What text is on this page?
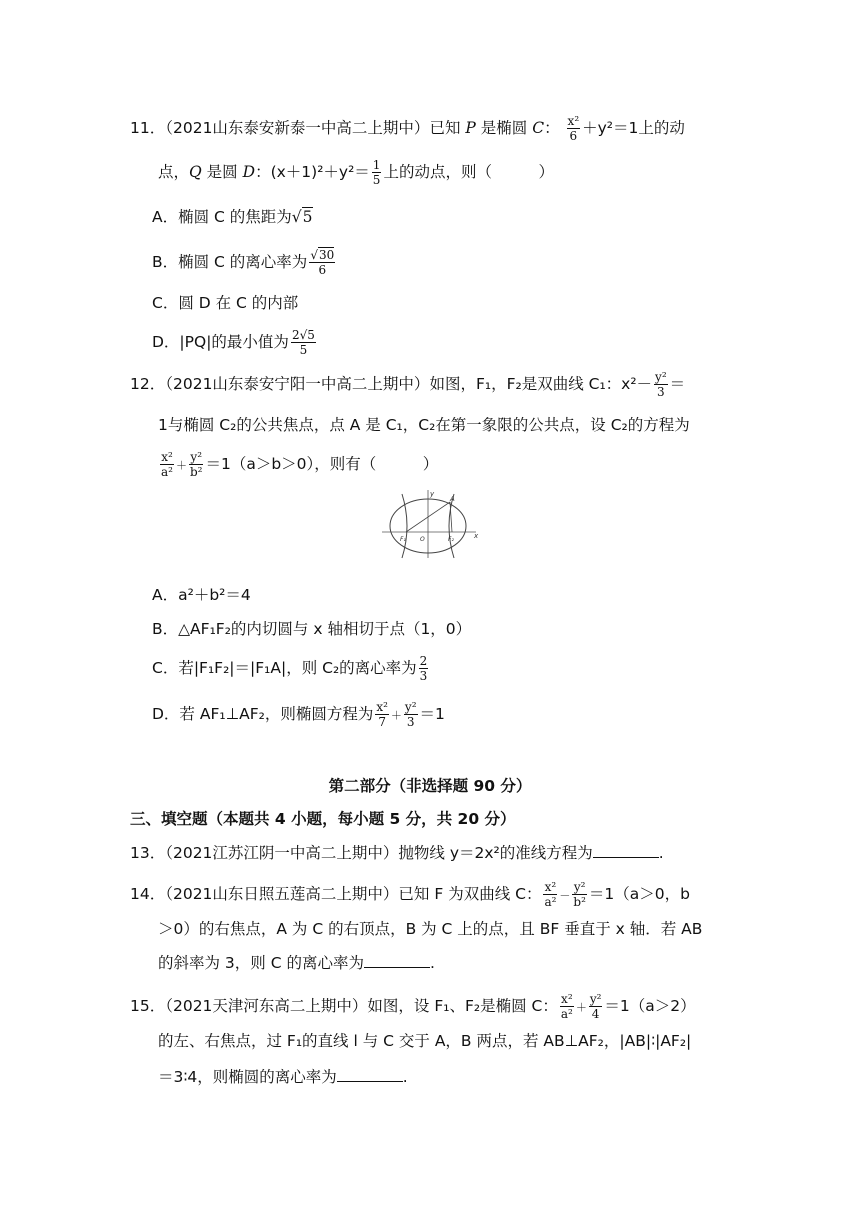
11．（2021山东泰安新泰一中高二上期中）已知 P 是椭圆 C： $\frac{\text{x²}}{6} +y^2=1$上的动
点，Q 是圆 D：$(x+1)^2+y^2= \frac{1}{5}$ 上的动点，则（　　　）
A．椭圆 C 的焦距为√5
B．椭圆 C 的离心率为 $\frac{√30}{6}$
C．圆 D 在 C 的内部
D．|PQ|的最小值为 $\frac{2√5}{5}$
12．（2021山东泰安宁阳一中高二上期中）如图，F₁，F₂是双曲线 C₁：$x^2- \frac{\text{y²}}{3}$ ＝
1与椭圆 C₂的公共焦点，点 A 是 C₁，C₂在第一象限的公共点，设 C₂的方程为
$\frac{\text{x²}}{\text{a²}} + \frac{\text{y²}}{\text{b²}} =1(a>b>0)$，则有（　　　）
y
A
F₁ O	F₂	x
A．a²＋b²＝4
B．△AF₁F₂的内切圆与 x 轴相切于点（1，0）
C．若|F₁F₂|＝|F₁A|，则 C₂的离心率为 $\frac{2}{3}$
D．若 AF₁⊥AF₂，则椭圆方程为 $\frac{\text{x²}}{7} + \frac{\text{y²}}{3} =1$
第二部分（非选择题 90 分）
三、填空题（本题共 4 小题，每小题 5 分，共 20 分）
13．（2021江苏江阴一中高二上期中）抛物线 y＝2x²的准线方程为	.
14．（2021山东日照五莲高二上期中）已知 F 为双曲线 C： $\frac{\text{x²}}{\text{a²}} - \frac{\text{y²}}{\text{b²}} =1(a>0$，b
＞0）的右焦点，A 为 C 的右顶点，B 为 C 上的点，且 BF 垂直于 x 轴．若 AB
的斜率为 3，则 C 的离心率为	.
15．（2021天津河东高二上期中）如图，设 F₁、F₂是椭圆 C： $\frac{\text{x²}}{\text{a²}} + \frac{\text{y²}}{4} =1(a>2)$
的左、右焦点，过 F₁的直线 l 与 C 交于 A，B 两点，若 AB⊥AF₂，|AB|∶|AF₂|
＝3∶4，则椭圆的离心率为	.
